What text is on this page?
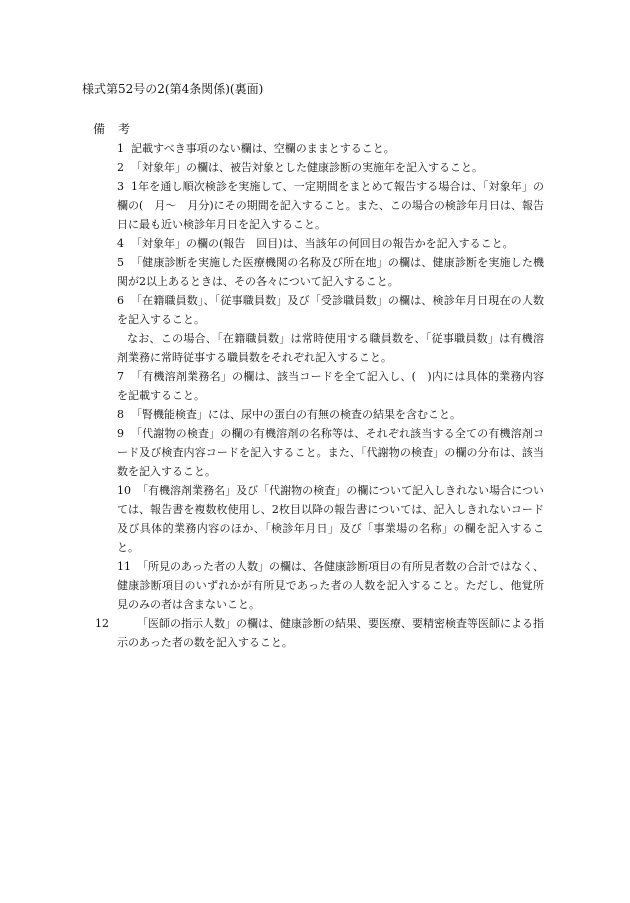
様式第52号の2(第4条関係)(裏面)
備考
1 記載すべき事項のない欄は、空欄のままとすること。
2 「対象年」の欄は、被告対象とした健康診断の実施年を記入すること。
3 1年を通し順次検診を実施して、一定期間をまとめて報告する場合は、「対象年」の欄の(　月～　月分)にその期間を記入すること。また、この場合の検診年月日は、報告日に最も近い検診年月日を記入すること。
4 「対象年」の欄の(報告　回目)は、当該年の何回目の報告かを記入すること。
5 「健康診断を実施した医療機関の名称及び所在地」の欄は、健康診断を実施した機関が2以上あるときは、その各々について記入すること。
6 「在籍職員数」、「従事職員数」及び「受診職員数」の欄は、検診年月日現在の人数を記入すること。
なお、この場合、「在籍職員数」は常時使用する職員数を、「従事職員数」は有機溶剤業務に常時従事する職員数をそれぞれ記入すること。
7 「有機溶剤業務名」の欄は、該当コードを全て記入し、(　)内には具体的業務内容を記載すること。
8 「腎機能検査」には、尿中の蛋白の有無の検査の結果を含むこと。
9 「代謝物の検査」の欄の有機溶剤の名称等は、それぞれ該当する全ての有機溶剤コード及び検査内容コードを記入すること。また、「代謝物の検査」の欄の分布は、該当数を記入すること。
10 「有機溶剤業務名」及び「代謝物の検査」の欄について記入しきれない場合については、報告書を複数枚使用し、2枚目以降の報告書については、記入しきれないコード及び具体的業務内容のほか、「検診年月日」及び「事業場の名称」の欄を記入すること。
11 「所見のあった者の人数」の欄は、各健康診断項目の有所見者数の合計ではなく、健康診断項目のいずれかが有所見であった者の人数を記入すること。ただし、他覚所見のみの者は含まないこと。
12	「医師の指示人数」の欄は、健康診断の結果、要医療、要精密検査等医師による指示のあった者の数を記入すること。
